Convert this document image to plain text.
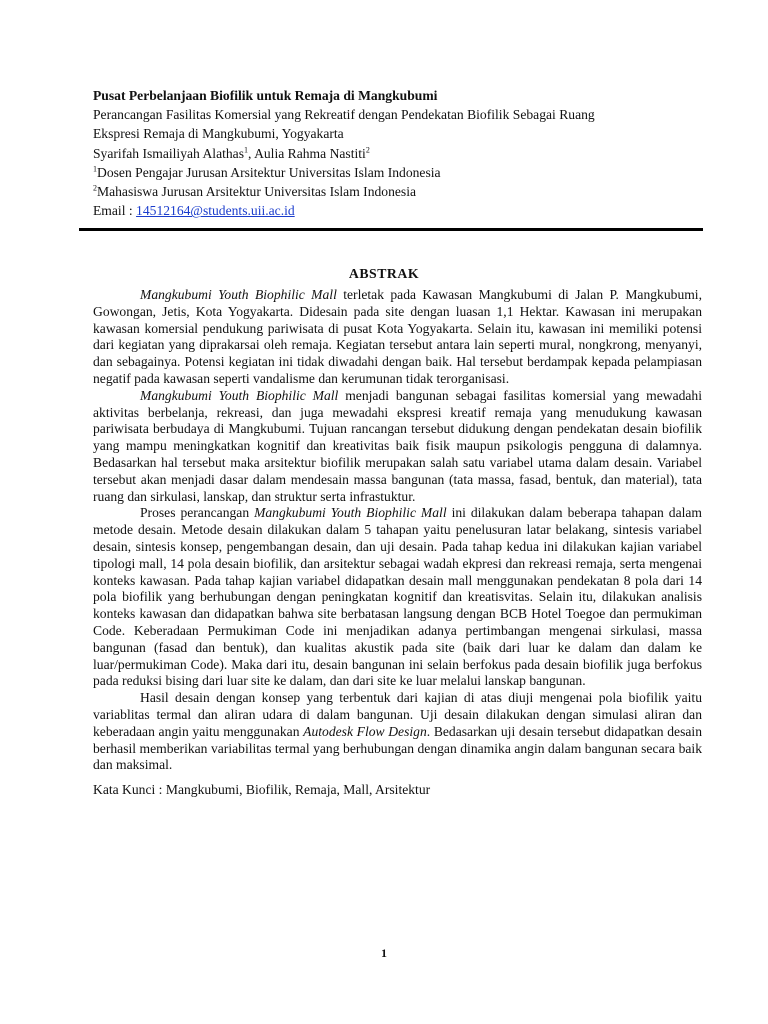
Pusat Perbelanjaan Biofilik untuk Remaja di Mangkubumi
Perancangan Fasilitas Komersial yang Rekreatif dengan Pendekatan Biofilik Sebagai Ruang
Ekspresi Remaja di Mangkubumi, Yogyakarta
Syarifah Ismailiyah Alathas$^1$, Aulia Rahma Nastiti$^2$
$^1$Dosen Pengajar Jurusan Arsitektur Universitas Islam Indonesia
$^2$Mahasiswa Jurusan Arsitektur Universitas Islam Indonesia
Email : 14512164@students.uii.ac.id
ABSTRAK

Mangkubumi Youth Biophilic Mall terletak pada Kawasan Mangkubumi di Jalan P. Mangkubumi, Gowongan, Jetis, Kota Yogyakarta. Didesain pada site dengan luasan 1,1 Hektar. Kawasan ini merupakan kawasan komersial pendukung pariwisata di pusat Kota Yogyakarta. Selain itu, kawasan ini memiliki potensi dari kegiatan yang diprakarsai oleh remaja. Kegiatan tersebut antara lain seperti mural, nongkrong, menyanyi, dan sebagainya. Potensi kegiatan ini tidak diwadahi dengan baik. Hal tersebut berdampak kepada pelampiasan negatif pada kawasan seperti vandalisme dan kerumunan tidak terorganisasi.

Mangkubumi Youth Biophilic Mall menjadi bangunan sebagai fasilitas komersial yang mewadahi aktivitas berbelanja, rekreasi, dan juga mewadahi ekspresi kreatif remaja yang menudukung kawasan pariwisata berbudaya di Mangkubumi. Tujuan rancangan tersebut didukung dengan pendekatan desain biofilik yang mampu meningkatkan kognitif dan kreativitas baik fisik maupun psikologis pengguna di dalamnya. Bedasarkan hal tersebut maka arsitektur biofilik merupakan salah satu variabel utama dalam desain. Variabel tersebut akan menjadi dasar dalam mendesain massa bangunan (tata massa, fasad, bentuk, dan material), tata ruang dan sirkulasi, lanskap, dan struktur serta infrastuktur.

Proses perancangan Mangkubumi Youth Biophilic Mall ini dilakukan dalam beberapa tahapan dalam metode desain. Metode desain dilakukan dalam 5 tahapan yaitu penelusuran latar belakang, sintesis variabel desain, sintesis konsep, pengembangan desain, dan uji desain. Pada tahap kedua ini dilakukan kajian variabel tipologi mall, 14 pola desain biofilik, dan arsitektur sebagai wadah ekpresi dan rekreasi remaja, serta mengenai konteks kawasan. Pada tahap kajian variabel didapatkan desain mall menggunakan pendekatan 8 pola dari 14 pola biofilik yang berhubungan dengan peningkatan kognitif dan kreatisvitas. Selain itu, dilakukan analisis konteks kawasan dan didapatkan bahwa site berbatasan langsung dengan BCB Hotel Toegoe dan permukiman Code. Keberadaan Permukiman Code ini menjadikan adanya pertimbangan mengenai sirkulasi, massa bangunan (fasad dan bentuk), dan kualitas akustik pada site (baik dari luar ke dalam dan dalam ke luar/permukiman Code). Maka dari itu, desain bangunan ini selain berfokus pada desain biofilik juga berfokus pada reduksi bising dari luar site ke dalam, dan dari site ke luar melalui lanskap bangunan.

Hasil desain dengan konsep yang terbentuk dari kajian di atas diuji mengenai pola biofilik yaitu variablitas termal dan aliran udara di dalam bangunan. Uji desain dilakukan dengan simulasi aliran dan keberadaan angin yaitu menggunakan Autodesk Flow Design. Bedasarkan uji desain tersebut didapatkan desain berhasil memberikan variabilitas termal yang berhubungan dengan dinamika angin dalam bangunan secara baik dan maksimal.

Kata Kunci : Mangkubumi, Biofilik, Remaja, Mall, Arsitektur

1
